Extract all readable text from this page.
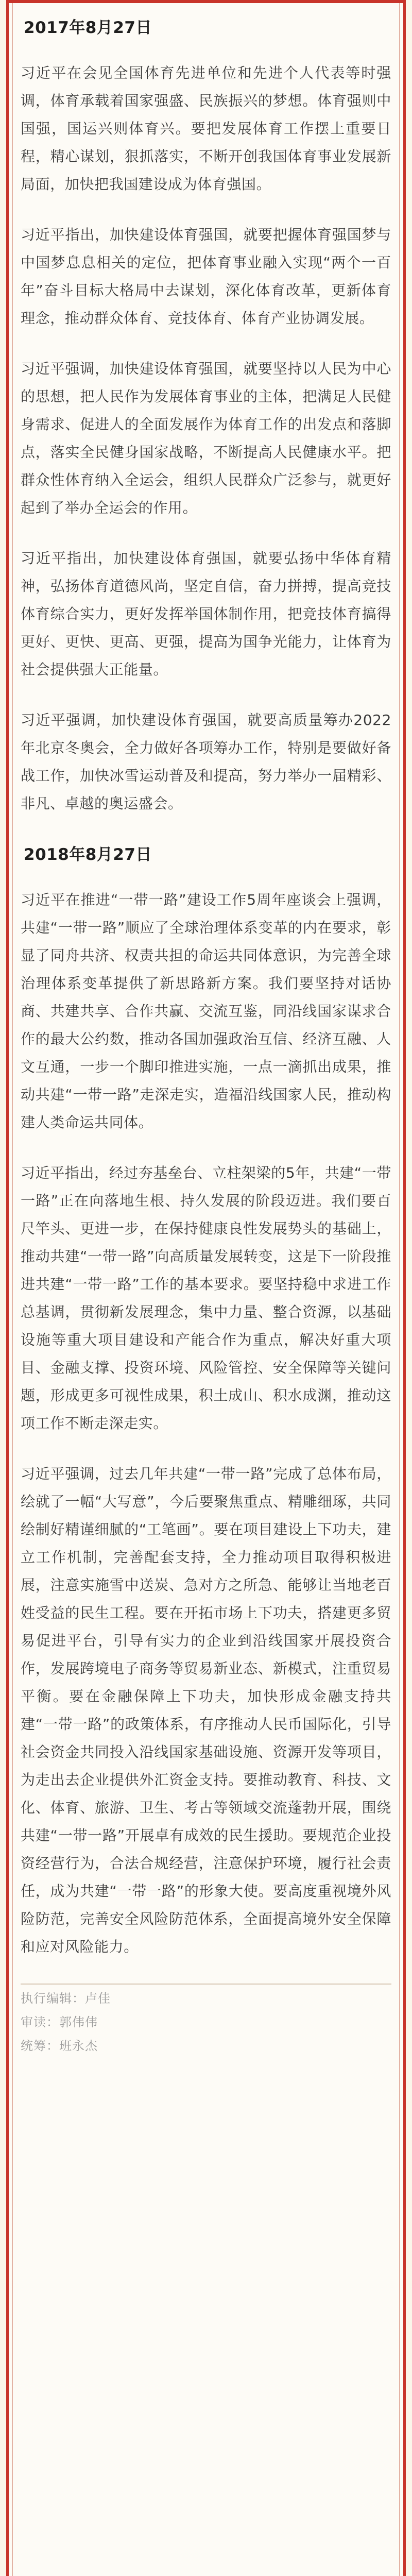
2017年8月27日

习近平在会见全国体育先进单位和先进个人代表等时强调，体育承载着国家强盛、民族振兴的梦想。体育强则中国强，国运兴则体育兴。要把发展体育工作摆上重要日程，精心谋划，狠抓落实，不断开创我国体育事业发展新局面，加快把我国建设成为体育强国。

习近平指出，加快建设体育强国，就要把握体育强国梦与中国梦息息相关的定位，把体育事业融入实现“两个一百年”奋斗目标大格局中去谋划，深化体育改革，更新体育理念，推动群众体育、竞技体育、体育产业协调发展。

习近平强调，加快建设体育强国，就要坚持以人民为中心的思想，把人民作为发展体育事业的主体，把满足人民健身需求、促进人的全面发展作为体育工作的出发点和落脚点，落实全民健身国家战略，不断提高人民健康水平。把群众性体育纳入全运会，组织人民群众广泛参与，就更好起到了举办全运会的作用。

习近平指出，加快建设体育强国，就要弘扬中华体育精神，弘扬体育道德风尚，坚定自信，奋力拼搏，提高竞技体育综合实力，更好发挥举国体制作用，把竞技体育搞得更好、更快、更高、更强，提高为国争光能力，让体育为社会提供强大正能量。

习近平强调，加快建设体育强国，就要高质量筹办2022年北京冬奥会，全力做好各项筹办工作，特别是要做好备战工作，加快冰雪运动普及和提高，努力举办一届精彩、非凡、卓越的奥运盛会。

2018年8月27日

习近平在推进“一带一路”建设工作5周年座谈会上强调，共建“一带一路”顺应了全球治理体系变革的内在要求，彰显了同舟共济、权责共担的命运共同体意识，为完善全球治理体系变革提供了新思路新方案。我们要坚持对话协商、共建共享、合作共赢、交流互鉴，同沿线国家谋求合作的最大公约数，推动各国加强政治互信、经济互融、人文互通，一步一个脚印推进实施，一点一滴抓出成果，推动共建“一带一路”走深走实，造福沿线国家人民，推动构建人类命运共同体。

习近平指出，经过夯基垒台、立柱架梁的5年，共建“一带一路”正在向落地生根、持久发展的阶段迈进。我们要百尺竿头、更进一步，在保持健康良性发展势头的基础上，推动共建“一带一路”向高质量发展转变，这是下一阶段推进共建“一带一路”工作的基本要求。要坚持稳中求进工作总基调，贯彻新发展理念，集中力量、整合资源，以基础设施等重大项目建设和产能合作为重点，解决好重大项目、金融支撑、投资环境、风险管控、安全保障等关键问题，形成更多可视性成果，积土成山、积水成渊，推动这项工作不断走深走实。

习近平强调，过去几年共建“一带一路”完成了总体布局，绘就了一幅“大写意”，今后要聚焦重点、精雕细琢，共同绘制好精谨细腻的“工笔画”。要在项目建设上下功夫，建立工作机制，完善配套支持，全力推动项目取得积极进展，注意实施雪中送炭、急对方之所急、能够让当地老百姓受益的民生工程。要在开拓市场上下功夫，搭建更多贸易促进平台，引导有实力的企业到沿线国家开展投资合作，发展跨境电子商务等贸易新业态、新模式，注重贸易平衡。要在金融保障上下功夫，加快形成金融支持共建“一带一路”的政策体系，有序推动人民币国际化，引导社会资金共同投入沿线国家基础设施、资源开发等项目，为走出去企业提供外汇资金支持。要推动教育、科技、文化、体育、旅游、卫生、考古等领域交流蓬勃开展，围绕共建“一带一路”开展卓有成效的民生援助。要规范企业投资经营行为，合法合规经营，注意保护环境，履行社会责任，成为共建“一带一路”的形象大使。要高度重视境外风险防范，完善安全风险防范体系，全面提高境外安全保障和应对风险能力。

执行编辑：卢佳
审读：郭伟伟
统筹：班永杰
